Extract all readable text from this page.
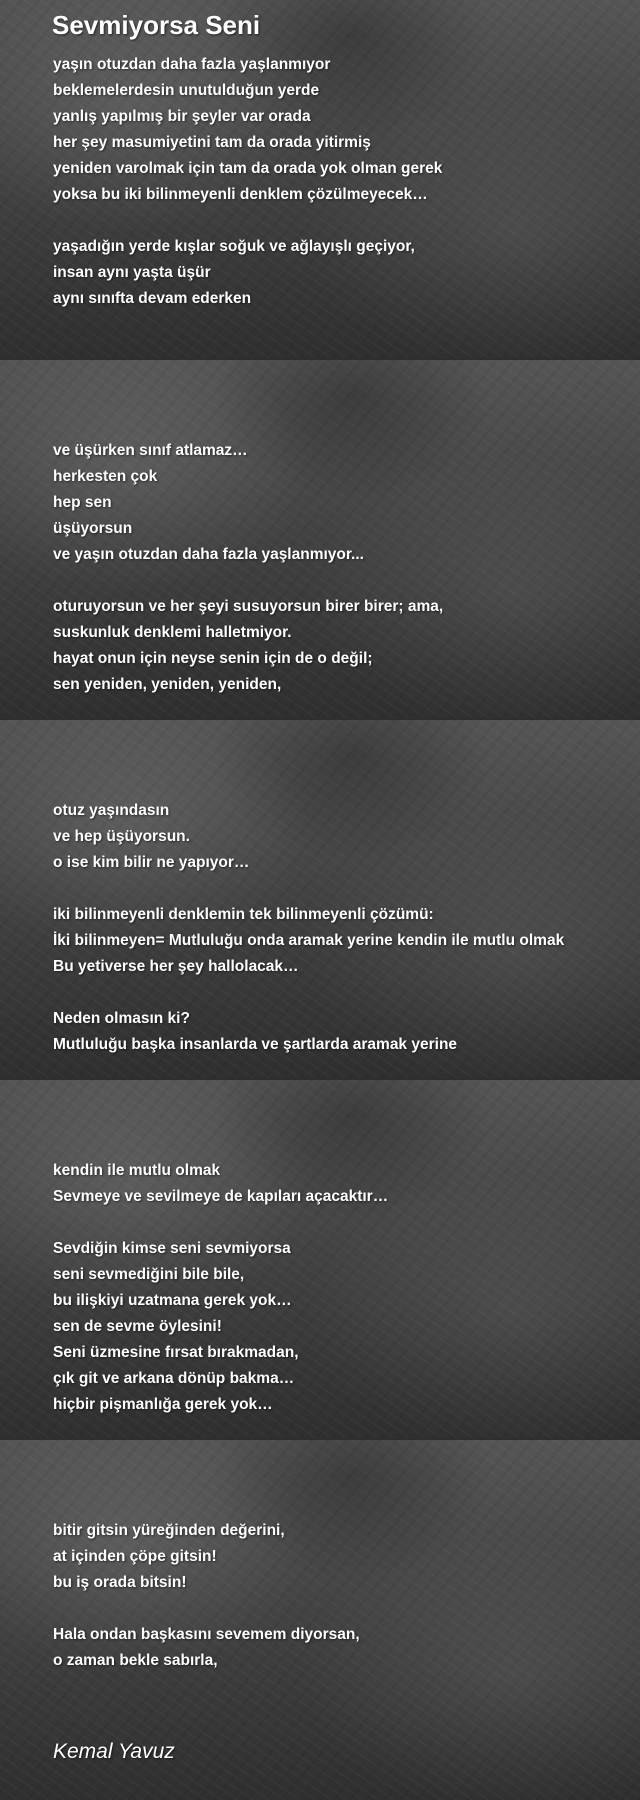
Sevmiyorsa Seni
yaşın otuzdan daha fazla yaşlanmıyor
beklemelerdesin unutulduğun yerde
yanlış yapılmış bir şeyler var orada
her şey masumiyetini tam da orada yitirmiş
yeniden varolmak için tam da orada yok olman gerek
yoksa bu iki bilinmeyenli denklem çözülmeyecek…
yaşadığın yerde kışlar soğuk ve ağlayışlı geçiyor,
insan aynı yaşta üşür
aynı sınıfta devam ederken
ve üşürken sınıf atlamaz…
herkesten çok
hep sen
üşüyorsun
ve yaşın otuzdan daha fazla yaşlanmıyor...
oturuyorsun ve her şeyi susuyorsun birer birer; ama,
suskunluk denklemi halletmiyor.
hayat onun için neyse senin için de o değil;
sen yeniden, yeniden, yeniden,
otuz yaşındasın
ve hep üşüyorsun.
o ise kim bilir ne yapıyor…
iki bilinmeyenli denklemin tek bilinmeyenli çözümü:
İki bilinmeyen= Mutluluğu onda aramak yerine kendin ile mutlu olmak
Bu yetiverse her şey hallolacak…
Neden olmasın ki?
Mutluluğu başka insanlarda ve şartlarda aramak yerine
kendin ile mutlu olmak
Sevmeye ve sevilmeye de kapıları açacaktır…
Sevdiğin kimse seni sevmiyorsa
seni sevmediğini bile bile,
bu ilişkiyi uzatmana gerek yok…
sen de sevme öylesini!
Seni üzmesine fırsat bırakmadan,
çık git ve arkana dönüp bakma…
hiçbir pişmanlığa gerek yok…
bitir gitsin yüreğinden değerini,
at içinden çöpe gitsin!
bu iş orada bitsin!
Hala ondan başkasını sevemem diyorsan,
o zaman bekle sabırla,
Kemal Yavuz
